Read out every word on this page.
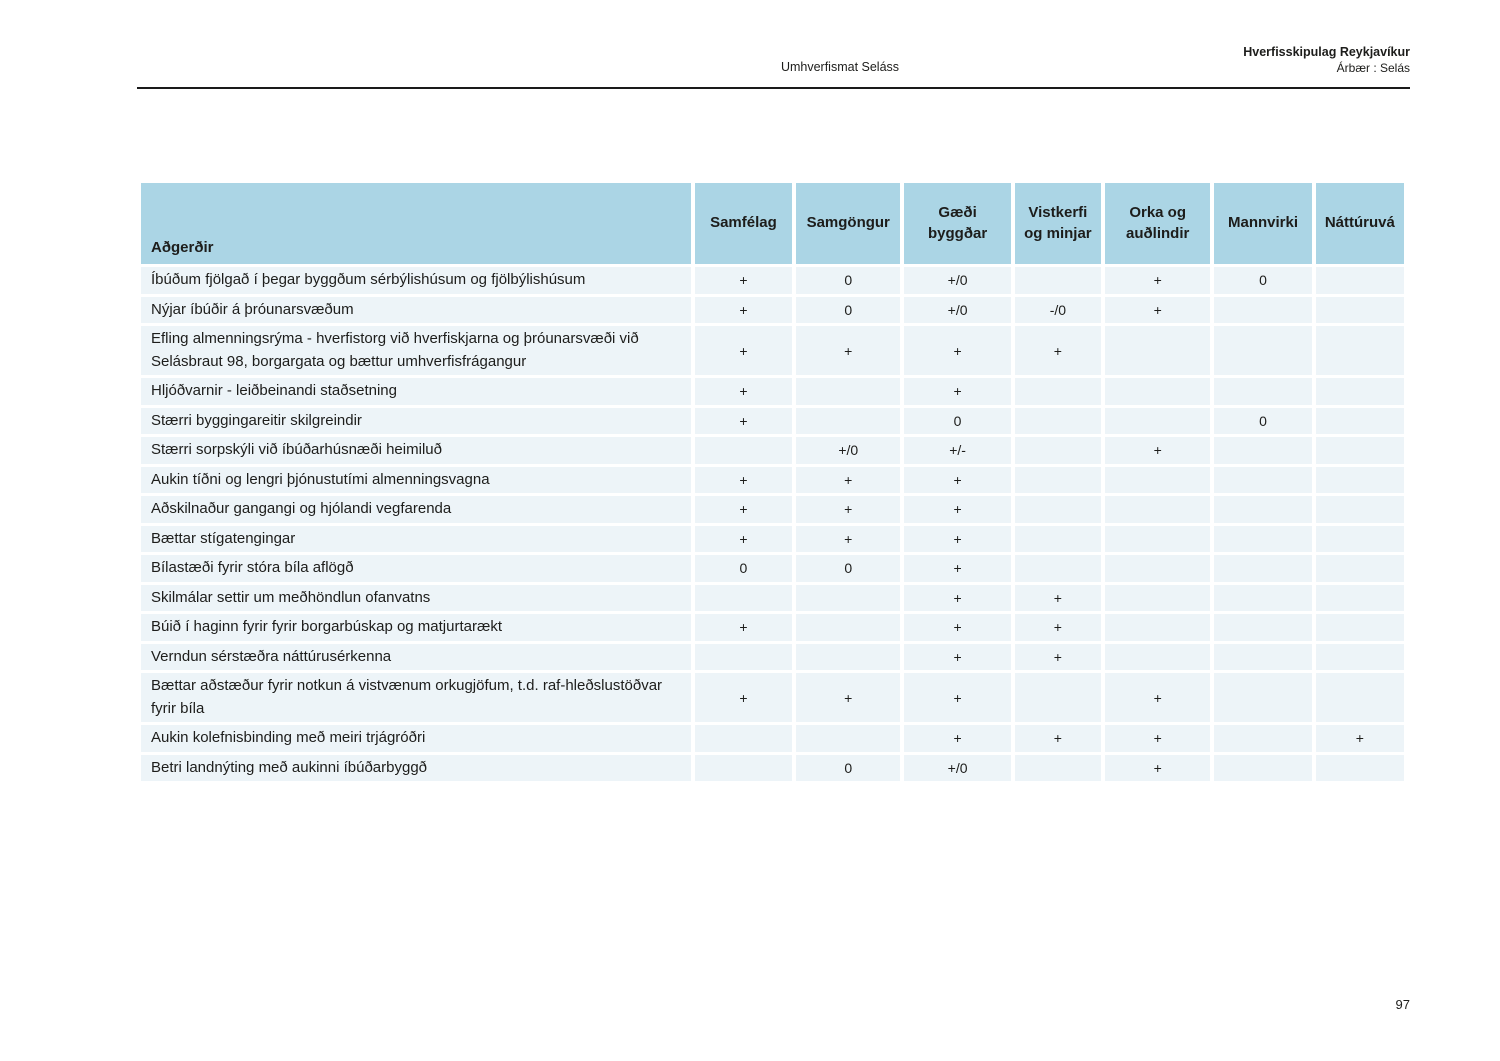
Umhverfismat Seláss
Hverfisskipulag Reykjavíkur
Árbær : Selás
Aðgerðir	Samfélag	Samgöngur	Gæði byggðar	Vistkerfi og minjar	Orka og auðlindir	Mannvirki	Náttúruvá
Íbúðum fjölgað í þegar byggðum sérbýlishúsum og fjölbýlishúsum	+	0	+/0		+	0	
Nýjar íbúðir á þróunarsvæðum	+	0	+/0	-/0	+		
Efling almenningsrýma - hverfistorg við hverfiskjarna og þróunarsvæði við Selásbraut 98, borgargata og bættur umhverfisfrágangur	+	+	+	+			
Hljóðvarnir - leiðbeinandi staðsetning	+		+				
Stærri byggingareitir skilgreindir	+		0			0	
Stærri sorpskýli við íbúðarhúsnæði heimiluð		+/0	+/-		+		
Aukin tíðni og lengri þjónustutími almenningsvagna	+	+	+				
Aðskilnaður gangangi og hjólandi vegfarenda	+	+	+				
Bættar stígatengingar	+	+	+				
Bílastæði fyrir stóra bíla aflögð	0	0	+				
Skilmálar settir um meðhöndlun ofanvatns			+	+			
Búið í haginn fyrir fyrir borgarbúskap og matjurtarækt	+		+	+			
Verndun sérstæðra náttúrusérkenna			+	+			
Bættar aðstæður fyrir notkun á vistvænum orkugjöfum, t.d. raf-hleðslustöðvar fyrir bíla	+	+	+		+		
Aukin kolefnisbinding með meiri trjágróðri			+	+	+		+
Betri landnýting með aukinni íbúðarbyggð		0	+/0		+		
97
